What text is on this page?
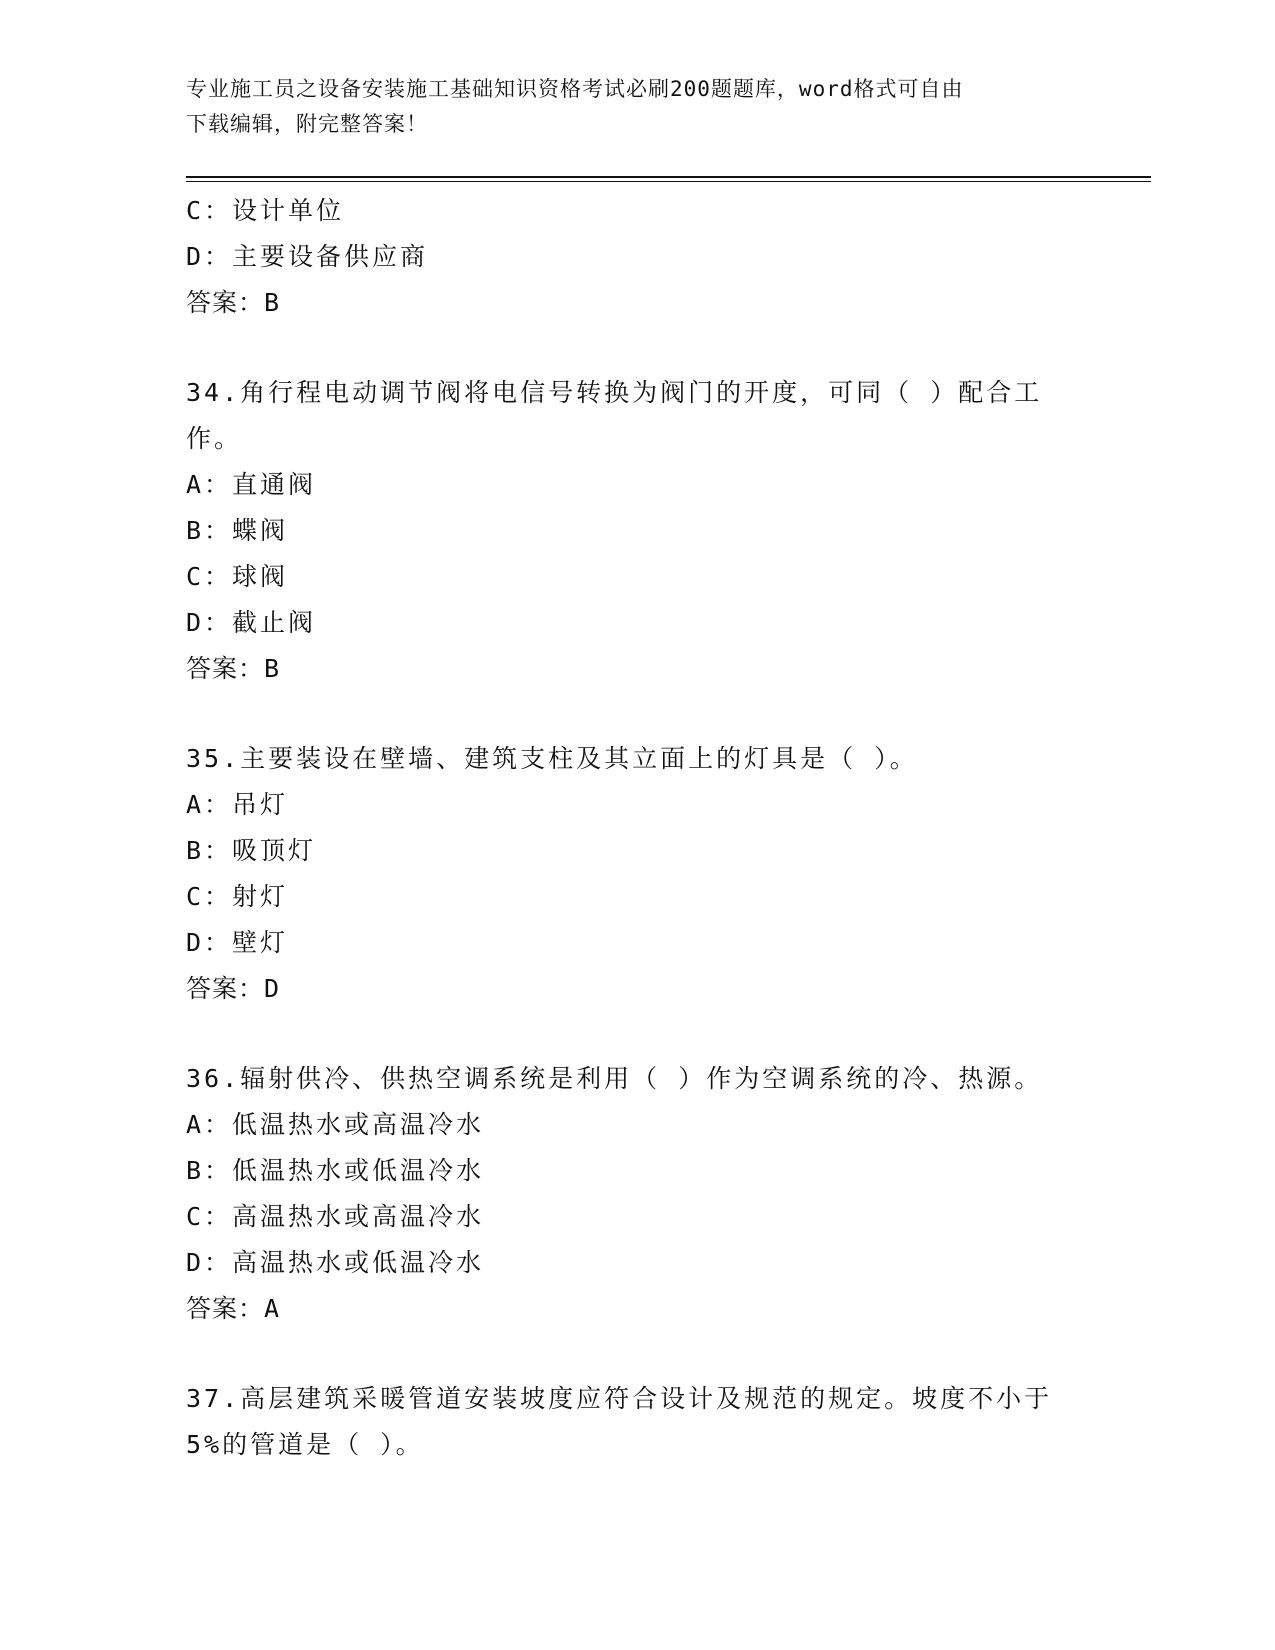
专业施工员之设备安装施工基础知识资格考试必刷200题题库，word格式可自由
下载编辑，附完整答案！
C：设计单位
D：主要设备供应商
答案：B
34.角行程电动调节阀将电信号转换为阀门的开度，可同（ ）配合工作。
A：直通阀
B：蝶阀
C：球阀
D：截止阀
答案：B
35.主要装设在壁墙、建筑支柱及其立面上的灯具是（ ）。
A：吊灯
B：吸顶灯
C：射灯
D：壁灯
答案：D
36.辐射供冷、供热空调系统是利用（ ）作为空调系统的冷、热源。
A：低温热水或高温冷水
B：低温热水或低温冷水
C：高温热水或高温冷水
D：高温热水或低温冷水
答案：A
37.高层建筑采暖管道安装坡度应符合设计及规范的规定。坡度不小于5%的管道是（ ）。
